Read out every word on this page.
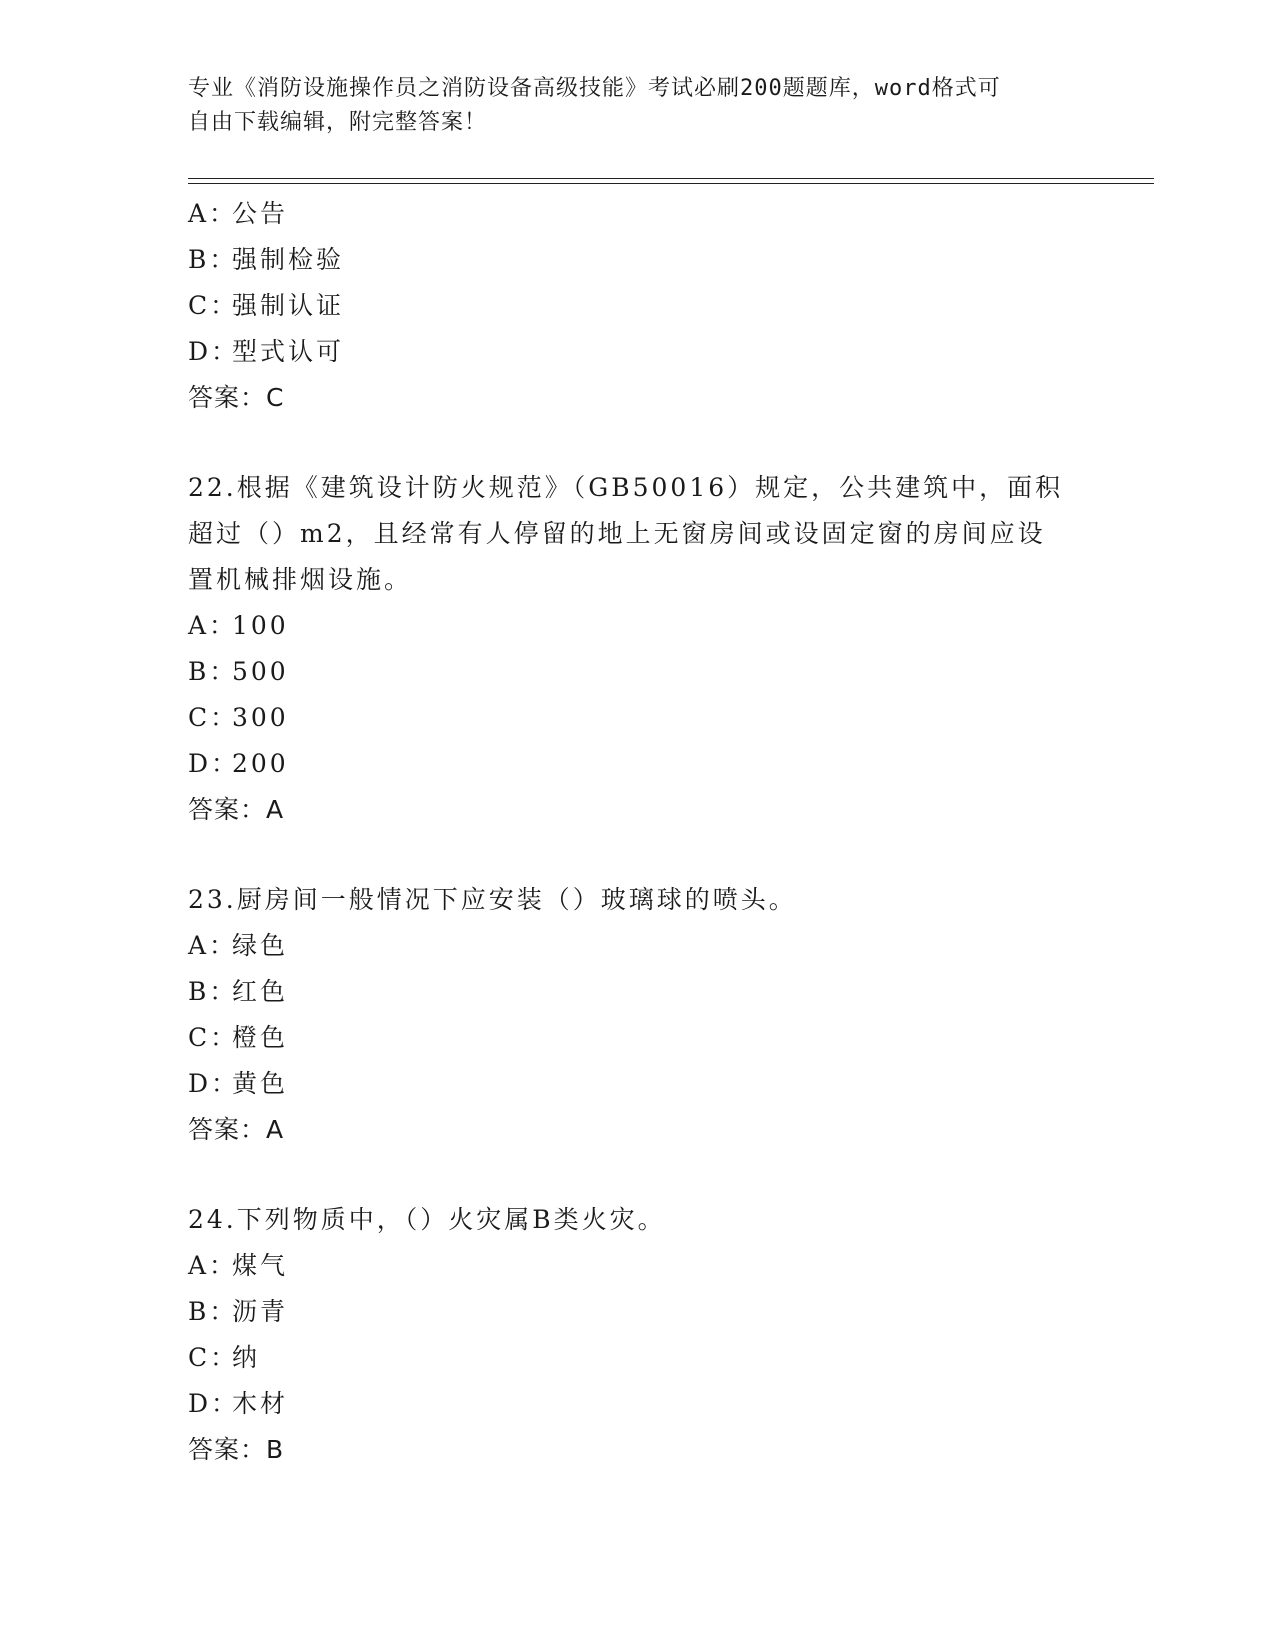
专业《消防设施操作员之消防设备高级技能》考试必刷200题题库，word格式可
自由下载编辑，附完整答案！
A：公告
B：强制检验
C：强制认证
D：型式认可
答案：C
22.根据《建筑设计防火规范》（GB50016）规定，公共建筑中，面积
超过（）m2，且经常有人停留的地上无窗房间或设固定窗的房间应设
置机械排烟设施。
A：100
B：500
C：300
D：200
答案：A
23.厨房间一般情况下应安装（）玻璃球的喷头。
A：绿色
B：红色
C：橙色
D：黄色
答案：A
24.下列物质中，（）火灾属B类火灾。
A：煤气
B：沥青
C：纳
D：木材
答案：B
